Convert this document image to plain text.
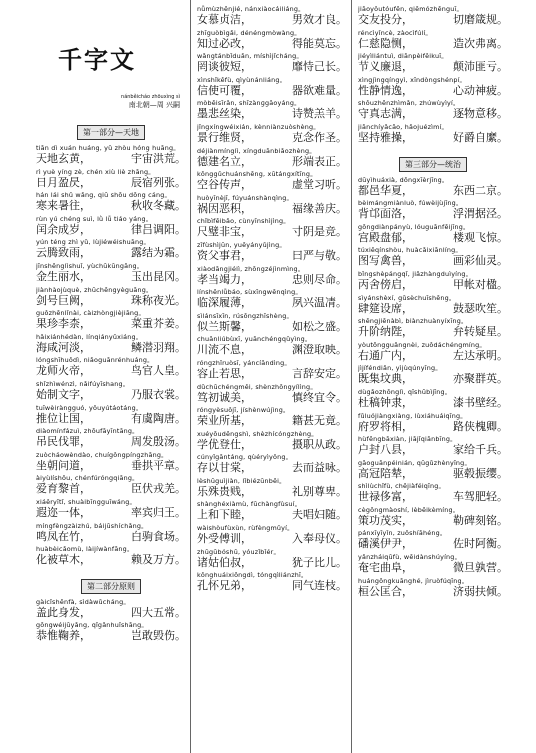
千字文
nánběicháo zhōuxìng sì
南北朝—周 兴嗣
第一部分—天地
tiān dì xuán huáng, yǔ zhòu hóng huāng。
天地玄黄，	宇宙洪荒。
rì yuè yíng zè, chén xiù liè zhāng。
日月盈昃，	辰宿列张。
hán lái shǔ wǎng, qiū shōu dōng cáng。
寒来暑往，	秋收冬藏。
rùn yú chéng suì, lǜ lǚ tiáo yáng。
闰余成岁，	律吕调阳。
yún téng zhì yǔ, lùjiéwéishuāng。
云腾致雨，	露结为霜。
jīnshēnglìshuǐ, yùchūkūngāng。
金生丽水，	玉出昆冈。
jiànhàojùquè, zhūchēngyèguāng。
剑号巨阙，	珠称夜光。
guǒzhēnlǐnài, càizhòngjièjiāng。
果珍李柰，	菜重芥姜。
hǎixiánhédàn, línqiányǔxiáng。
海咸河淡，	鳞潜羽翔。
lóngshīhuǒdì, niǎoguānrénhuáng。
龙师火帝，	鸟官人皇。
shǐzhìwénzì, nǎifúyīshang。
始制文字，	乃服衣裳。
tuīwèiràngguó, yǒuyútáotáng。
推位让国，	有虞陶唐。
diàomínfázuì, zhōufāyīntāng。
吊民伐罪，	周发殷汤。
zuòcháowèndào, chuígǒngpíngzhāng。
坐朝问道，	垂拱平章。
àiyùlíshǒu, chénfúróngqiāng。
爱育黎首，	臣伏戎羌。
xiáěryītǐ, shuàibīngguīwáng。
遐迩一体，	率宾归王。
míngfèngzàizhú, báijūshíchǎng。
鸣凤在竹，	白驹食场。
huàbèicǎomù, làijíwànfāng。
化被草木，	赖及万方。
第二部分原则
gàicǐshēnfà, sìdàwǔcháng。
盖此身发，	四大五常。
gōngwéijūyǎng, qǐgǎnhuǐshāng。
恭惟鞠养，	岂敢毁伤。
nǚmùzhēnjié, nánxiàocáiliáng。
女慕贞洁，	男效才良。
zhīguòbìgǎi, dénéngmòwàng。
知过必改，	得能莫忘。
wǎngtánbǐduǎn, míshìjǐcháng。
罔谈彼短，	靡恃己长。
xìnshǐkěfù, qìyùnánliáng。
信使可覆，	器欲难量。
mòbēisīrǎn, shīzànɡgāoyáng。
墨悲丝染，	诗赞羔羊。
jǐngxíngwéixián, kènniànzuòshèng。
景行维贤，	克念作圣。
déjiànmínglì, xíngduānbiǎozhèng。
德建名立，	形端表正。
kōnggǔchuánshēng, xūtángxítīng。
空谷传声，	虚堂习听。
huòyīnèjī, fúyuánshànqìng。
祸因恶积，	福缘善庆。
chǐbìfēibǎo, cùnyīnshìjìng。
尺璧非宝，	寸阴是竞。
zīfùshìjūn, yuēyányǔjìng。
资父事君，	曰严与敬。
xiàodāngjiélì, zhōngzéjìnmìng。
孝当竭力，	忠则尽命。
línshēnlǚbáo, sùxīngwēnqìng。
临深履薄，	夙兴温凊。
sìlánsīxīn, rúsōngzhīshèng。
似兰斯馨，	如松之盛。
chuānliúbùxī, yuānchéngqǔyìng。
川流不息，	渊澄取映。
róngzhǐruòsī, yáncíāndìng。
容止若思，	言辞安定。
dǔchūchéngměi, shènzhōngyílìng。
笃初诚美，	慎终宜令。
róngyèsuǒjī, jíshènwújìng。
荣业所基，	籍甚无竟。
xuéyōudēngshì, shèzhícóngzhèng。
学优登仕，	摄职从政。
cúnyǐgāntáng, qùéryìyǒng。
存以甘棠，	去而益咏。
lèshūguìjiàn, lǐbiézūnbēi。
乐殊贵贱，	礼别尊卑。
shànghéxiàmù, fūchàngfùsuí。
上和下睦，	夫唱妇随。
wàishòufùxùn, rùfèngmǔyí。
外受傅训，	入奉母仪。
zhūgūbóshū, yóuzǐbǐér。
诸姑伯叔，	犹子比儿。
kǒnghuáixiōngdì, tóngqìliánzhī。
孔怀兄弟，	同气连枝。
jiāoyǒutóufēn, qiēmózhēnguī。
交友投分，	切磨箴规。
réncìyǐncè, zàocìfúlí。
仁慈隐恻，	造次弗离。
jiéyìliántuì, diānpèifěikuī。
节义廉退，	颠沛匪亏。
xìngjìngqíngyì, xīndòngshénpí。
性静情逸，	心动神疲。
shǒuzhēnzhìmǎn, zhúwùyìyí。
守真志满，	逐物意移。
jiānchíyǎcāo, hǎojuézìmí。
坚持雅操，	好爵自縻。
第三部分—统治
dūyìhuáxià, dōngxīèrjīng。
都邑华夏，	东西二京。
bèimángmiànluò, fúwèijùjīng。
背邙面洛，	浮渭据泾。
gōngdiànpányù, lóuguānfēijīng。
宫殿盘郁，	楼观飞惊。
túxiěqínshòu, huàcǎixiānlíng。
图写禽兽，	画彩仙灵。
bǐngshèpángqǐ, jiǎzhàngduìyíng。
丙舍傍启，	甲帐对楹。
sìyánshèxí, gǔsèchuīshēng。
肆筵设席，	鼓瑟吹笙。
shēngjiēnàbì, biànzhuànyíxīng。
升阶纳陛，	弁转疑星。
yòutōngguǎngnèi, zuǒdáchéngmíng。
右通广内，	左达承明。
jìjíféndiǎn, yìjùqúnyīng。
既集坟典，	亦聚群英。
dùgǎozhōnglì, qīshūbìjīng。
杜稿钟隶，	漆书壁经。
fǔluójiàngxiàng, lùxiáhuáiqīng。
府罗将相，	路侠槐卿。
hùfēngbāxiàn, jiājǐqiānbīng。
户封八县，	家给千兵。
gāoguānpéinián, qūgǔzhènyīng。
高冠陪辇，	驱毂振缨。
shìlùchǐfù, chējiàféiqīng。
世禄侈富，	车驾肥轻。
cègōngmàoshí, lèbēikèmíng。
策功茂实，	勒碑刻铭。
pánxīyīyǐn, zuǒshíāhéng。
磻溪伊尹，	佐时阿衡。
yǎnzháiqūfù, wēidànshúyíng。
奄宅曲阜，	微旦孰营。
huángōngkuānghé, jìruòfúqīng。
桓公匡合，	济弱扶倾。
